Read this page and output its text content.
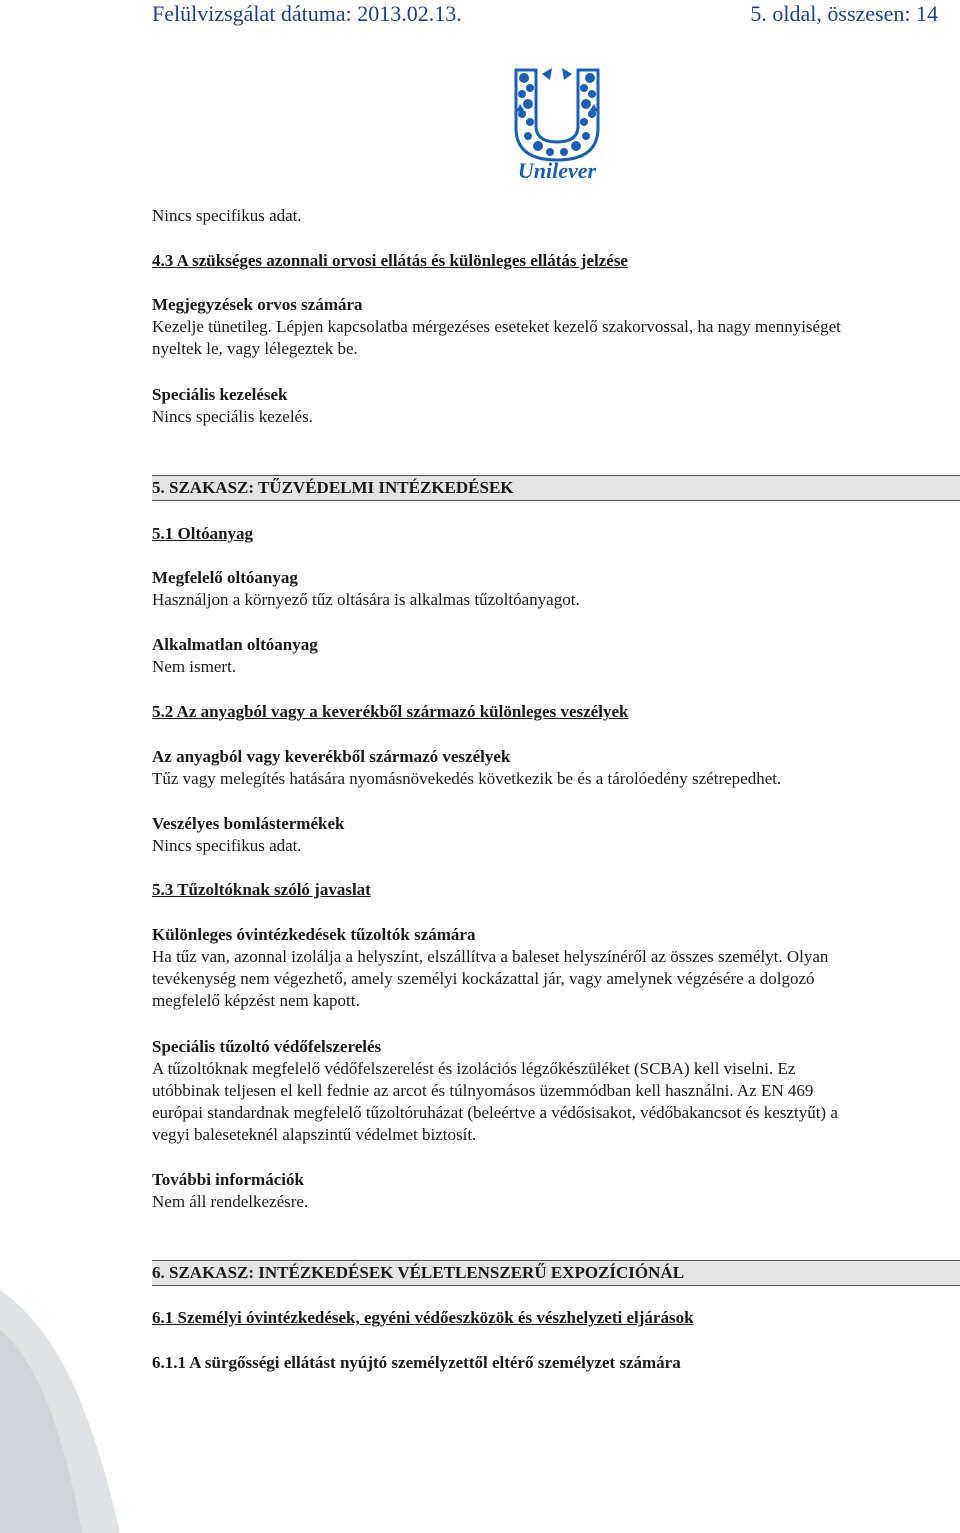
Felülvizsgálat dátuma: 2013.02.13.	5. oldal, összesen: 14
Unilever
Nincs specifikus adat.
4.3 A szükséges azonnali orvosi ellátás és különleges ellátás jelzése
Megjegyzések orvos számára
Kezelje tünetileg. Lépjen kapcsolatba mérgezéses eseteket kezelő szakorvossal, ha nagy mennyiséget
nyeltek le, vagy lélegeztek be.
Speciális kezelések
Nincs speciális kezelés.
5. SZAKASZ: TŰZVÉDELMI INTÉZKEDÉSEK
5.1 Oltóanyag
Megfelelő oltóanyag
Használjon a környező tűz oltására is alkalmas tűzoltóanyagot.
Alkalmatlan oltóanyag
Nem ismert.
5.2 Az anyagból vagy a keverékből származó különleges veszélyek
Az anyagból vagy keverékből származó veszélyek
Tűz vagy melegítés hatására nyomásnövekedés következik be és a tárolóedény szétrepedhet.
Veszélyes bomlástermékek
Nincs specifikus adat.
5.3 Tűzoltóknak szóló javaslat
Különleges óvintézkedések tűzoltók számára
Ha tűz van, azonnal izolálja a helyszínt, elszállítva a baleset helyszínéről az összes személyt. Olyan
tevékenység nem végezhető, amely személyi kockázattal jár, vagy amelynek végzésére a dolgozó
megfelelő képzést nem kapott.
Speciális tűzoltó védőfelszerelés
A tűzoltóknak megfelelő védőfelszerelést és izolációs légzőkészüléket (SCBA) kell viselni. Ez
utóbbinak teljesen el kell fednie az arcot és túlnyomásos üzemmódban kell használni. Az EN 469
európai standardnak megfelelő tűzoltóruházat (beleértve a védősisakot, védőbakancsot és kesztyűt) a
vegyi baleseteknél alapszintű védelmet biztosít.
További információk
Nem áll rendelkezésre.
6. SZAKASZ: INTÉZKEDÉSEK VÉLETLENSZERŰ EXPOZÍCIÓNÁL
6.1 Személyi óvintézkedések, egyéni védőeszközök és vészhelyzeti eljárások
6.1.1 A sürgősségi ellátást nyújtó személyzettől eltérő személyzet számára
